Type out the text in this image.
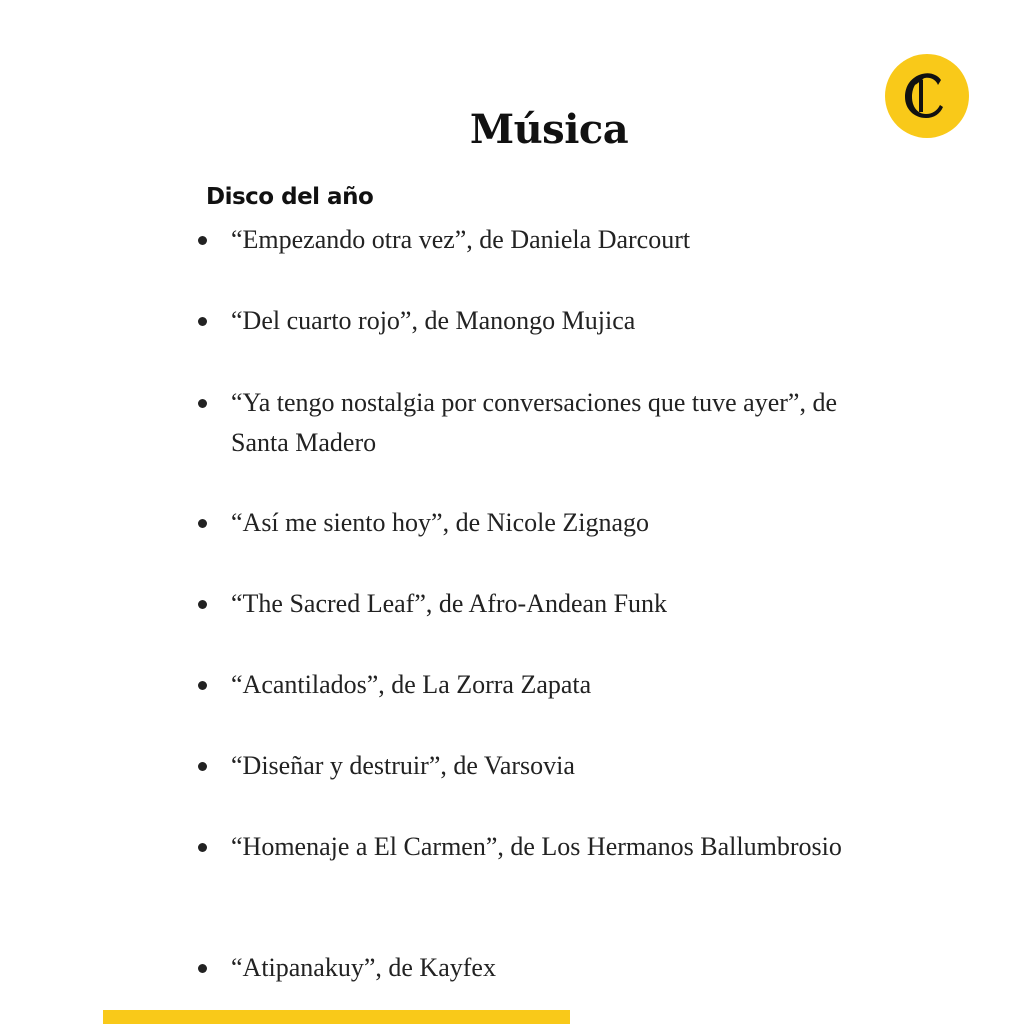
Música
Disco del año
“Empezando otra vez”, de Daniela Darcourt
“Del cuarto rojo”, de Manongo Mujica
“Ya tengo nostalgia por conversaciones que tuve ayer”, de Santa Madero
“Así me siento hoy”, de Nicole Zignago
“The Sacred Leaf”, de Afro-Andean Funk
“Acantilados”, de La Zorra Zapata
“Diseñar y destruir”, de Varsovia
“Homenaje a El Carmen”, de Los Hermanos Ballumbrosio
“Atipanakuy”, de Kayfex
